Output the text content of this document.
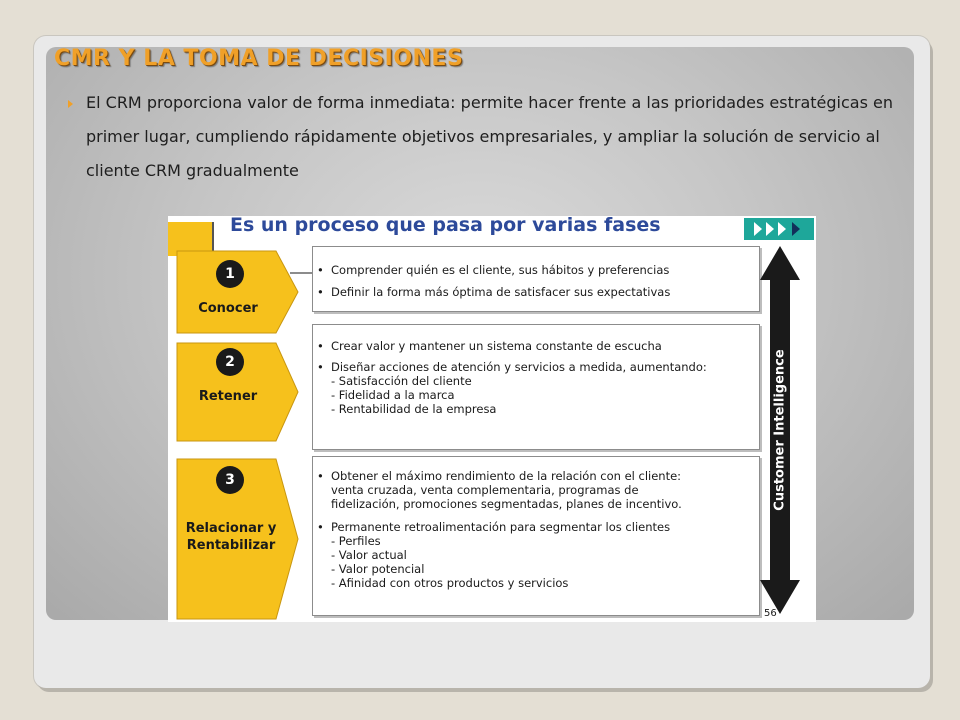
CMR Y LA TOMA DE DECISIONES

El CRM proporciona valor de forma inmediata: permite hacer frente a las prioridades estratégicas en primer lugar, cumpliendo rápidamente objetivos empresariales, y ampliar la solución de servicio al cliente CRM gradualmente

Es un proceso que pasa por varias fases
1
Conocer
• Comprender quién es el cliente, sus hábitos y preferencias
• Definir la forma más óptima de satisfacer sus expectativas
2
Retener
• Crear valor y mantener un sistema constante de escucha
• Diseñar acciones de atención y servicios a medida, aumentando:
- Satisfacción del cliente
- Fidelidad a la marca
- Rentabilidad de la empresa
3
Relacionar y
Rentabilizar
• Obtener el máximo rendimiento de la relación con el cliente:
venta cruzada, venta complementaria, programas de
fidelización, promociones segmentadas, planes de incentivo.
• Permanente retroalimentación para segmentar los clientes
- Perfiles
- Valor actual
- Valor potencial
- Afinidad con otros productos y servicios
Customer Intelligence
56
